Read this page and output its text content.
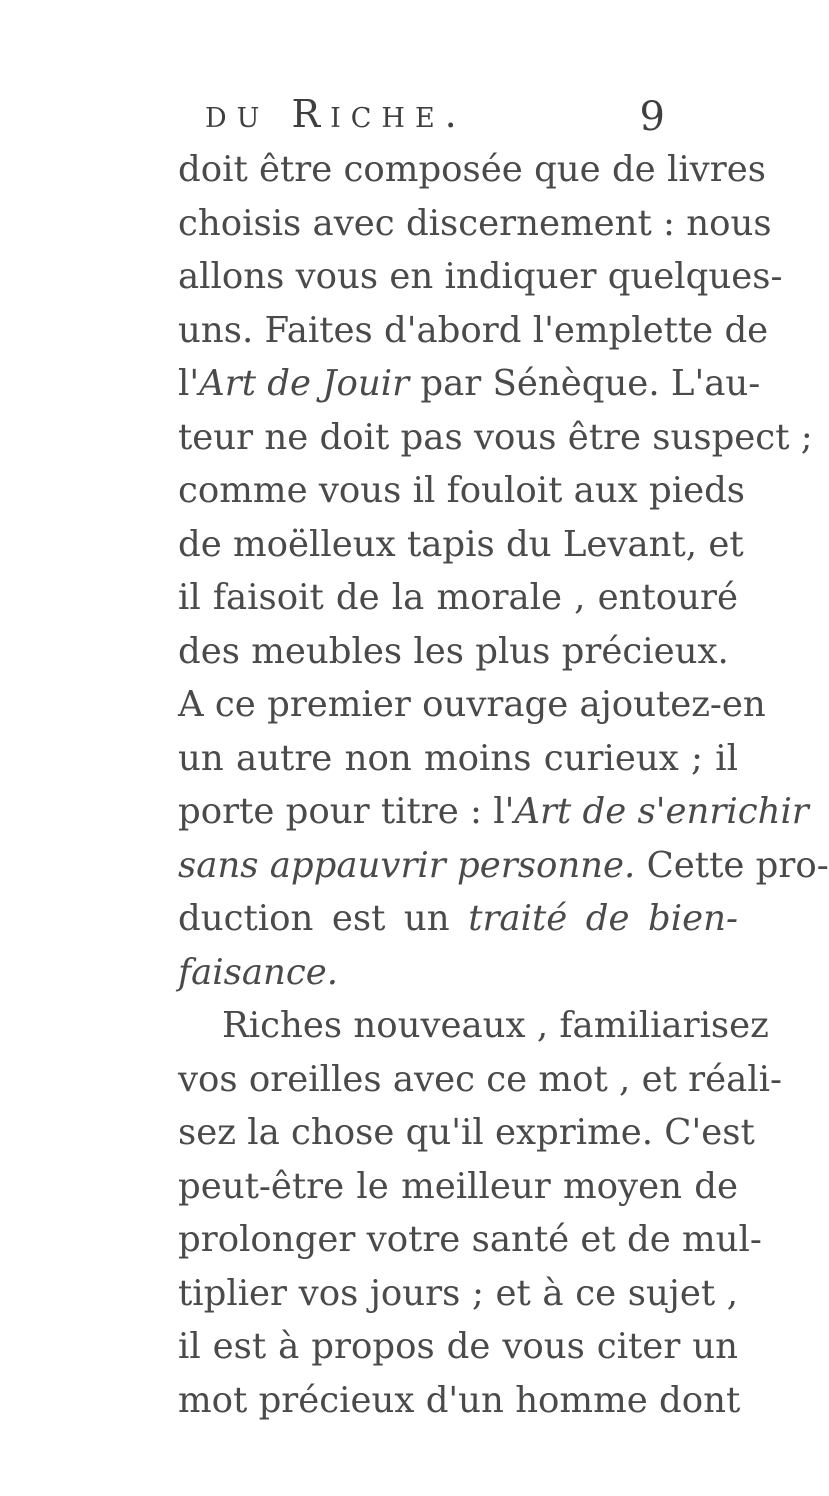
du Riche.	9
doit être composée que de livres
choisis avec discernement : nous
allons vous en indiquer quelques-
uns. Faites d'abord l'emplette de
l'Art de Jouir par Sénèque. L'au-
teur ne doit pas vous être suspect ;
comme vous il fouloit aux pieds
de moëlleux tapis du Levant, et
il faisoit de la morale , entouré
des meubles les plus précieux.
A ce premier ouvrage ajoutez-en
un autre non moins curieux ; il
porte pour titre : l'Art de s'enrichir
sans appauvrir personne. Cette pro-
duction est un traité de bien-
faisance.
Riches nouveaux , familiarisez
vos oreilles avec ce mot , et réali-
sez la chose qu'il exprime. C'est
peut-être le meilleur moyen de
prolonger votre santé et de mul-
tiplier vos jours ; et à ce sujet ,
il est à propos de vous citer un
mot précieux d'un homme dont
